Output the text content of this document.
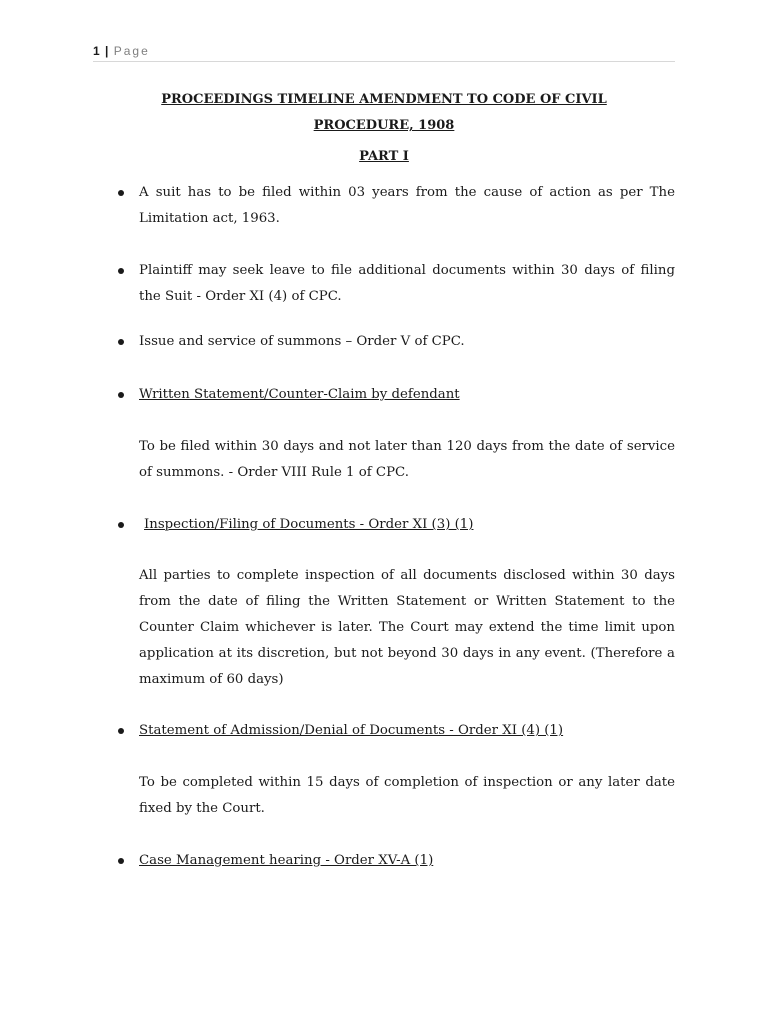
1 | Page
PROCEEDINGS TIMELINE AMENDMENT TO CODE OF CIVIL
PROCEDURE, 1908
PART I
A suit has to be filed within 03 years from the cause of action as per The Limitation act, 1963.
Plaintiff may seek leave to file additional documents within 30 days of filing the Suit - Order XI (4) of CPC.
Issue and service of summons – Order V of CPC.
Written Statement/Counter-Claim by defendant
To be filed within 30 days and not later than 120 days from the date of service of summons. - Order VIII Rule 1 of CPC.
Inspection/Filing of Documents - Order XI (3) (1)
All parties to complete inspection of all documents disclosed within 30 days from the date of filing the Written Statement or Written Statement to the Counter Claim whichever is later. The Court may extend the time limit upon application at its discretion, but not beyond 30 days in any event. (Therefore a maximum of 60 days)
Statement of Admission/Denial of Documents - Order XI (4) (1)
To be completed within 15 days of completion of inspection or any later date fixed by the Court.
Case Management hearing - Order XV-A (1)
